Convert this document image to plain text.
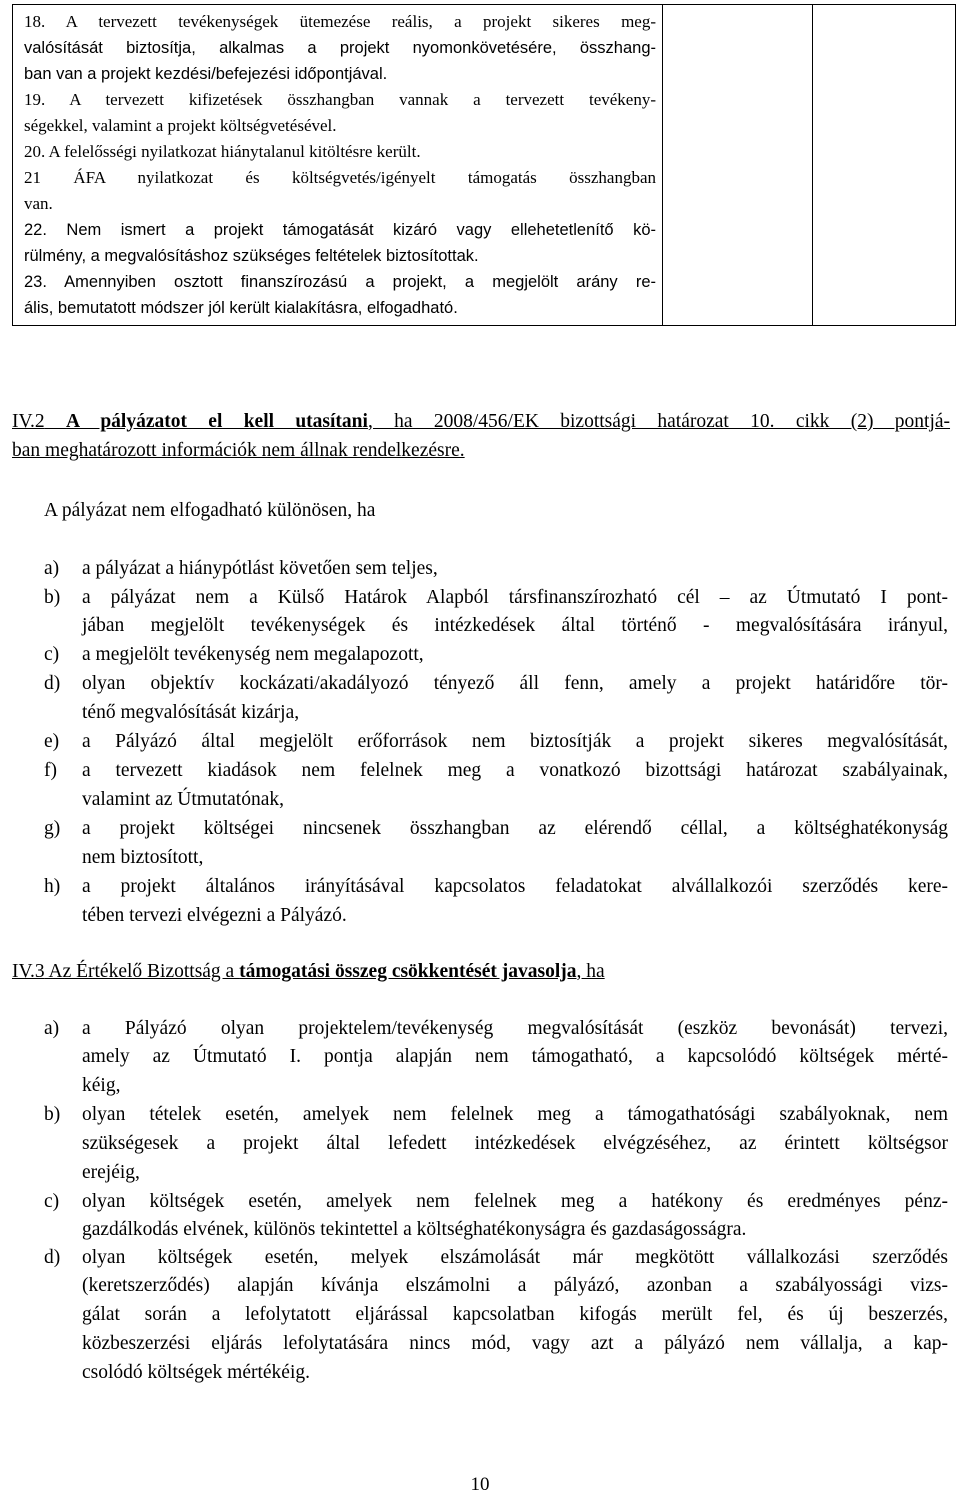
18. A tervezett tevékenységek ütemezése reális, a projekt sikeres meg-
valósítását biztosítja, alkalmas a projekt nyomonkövetésére, összhang-
ban van a projekt kezdési/befejezési időpontjával.
19. A tervezett kifizetések összhangban vannak a tervezett tevékeny-
ségekkel, valamint a projekt költségvetésével.
20. A felelősségi nyilatkozat hiánytalanul kitöltésre került.
21 ÁFA nyilatkozat és költségvetés/igényelt támogatás összhangban
van.
22. Nem ismert a projekt támogatását kizáró vagy ellehetetlenítő kö-
rülmény, a megvalósításhoz szükséges feltételek biztosítottak.
23. Amennyiben osztott finanszírozású a projekt, a megjelölt arány re-
ális, bemutatott módszer jól került kialakításra, elfogadható.
IV.2 A pályázatot el kell utasítani, ha 2008/456/EK bizottsági határozat 10. cikk (2) pontjá-
ban meghatározott információk nem állnak rendelkezésre.
A pályázat nem elfogadható különösen, ha
a) a pályázat a hiánypótlást követően sem teljes,
b) a pályázat nem a Külső Határok Alapból társfinanszírozható cél – az Útmutató I pont-
jában megjelölt tevékenységek és intézkedések által történő - megvalósítására irányul,
c) a megjelölt tevékenység nem megalapozott,
d) olyan objektív kockázati/akadályozó tényező áll fenn, amely a projekt határidőre tör-
ténő megvalósítását kizárja,
e) a Pályázó által megjelölt erőforrások nem biztosítják a projekt sikeres megvalósítását,
f) a tervezett kiadások nem felelnek meg a vonatkozó bizottsági határozat szabályainak,
valamint az Útmutatónak,
g) a projekt költségei nincsenek összhangban az elérendő céllal, a költséghatékonyság
nem biztosított,
h) a projekt általános irányításával kapcsolatos feladatokat alvállalkozói szerződés kere-
tében tervezi elvégezni a Pályázó.
IV.3 Az Értékelő Bizottság a támogatási összeg csökkentését javasolja, ha
a) a Pályázó olyan projektelem/tevékenység megvalósítását (eszköz bevonását) tervezi,
amely az Útmutató I. pontja alapján nem támogatható, a kapcsolódó költségek mérté-
kéig,
b) olyan tételek esetén, amelyek nem felelnek meg a támogathatósági szabályoknak, nem
szükségesek a projekt által lefedett intézkedések elvégzéséhez, az érintett költségsor
erejéig,
c) olyan költségek esetén, amelyek nem felelnek meg a hatékony és eredményes pénz-
gazdálkodás elvének, különös tekintettel a költséghatékonyságra és gazdaságosságra.
d) olyan költségek esetén, melyek elszámolását már megkötött vállalkozási szerződés
(keretszerződés) alapján kívánja elszámolni a pályázó, azonban a szabályossági vizs-
gálat során a lefolytatott eljárással kapcsolatban kifogás merült fel, és új beszerzés,
közbeszerzési eljárás lefolytatására nincs mód, vagy azt a pályázó nem vállalja, a kap-
csolódó költségek mértékéig.
10
